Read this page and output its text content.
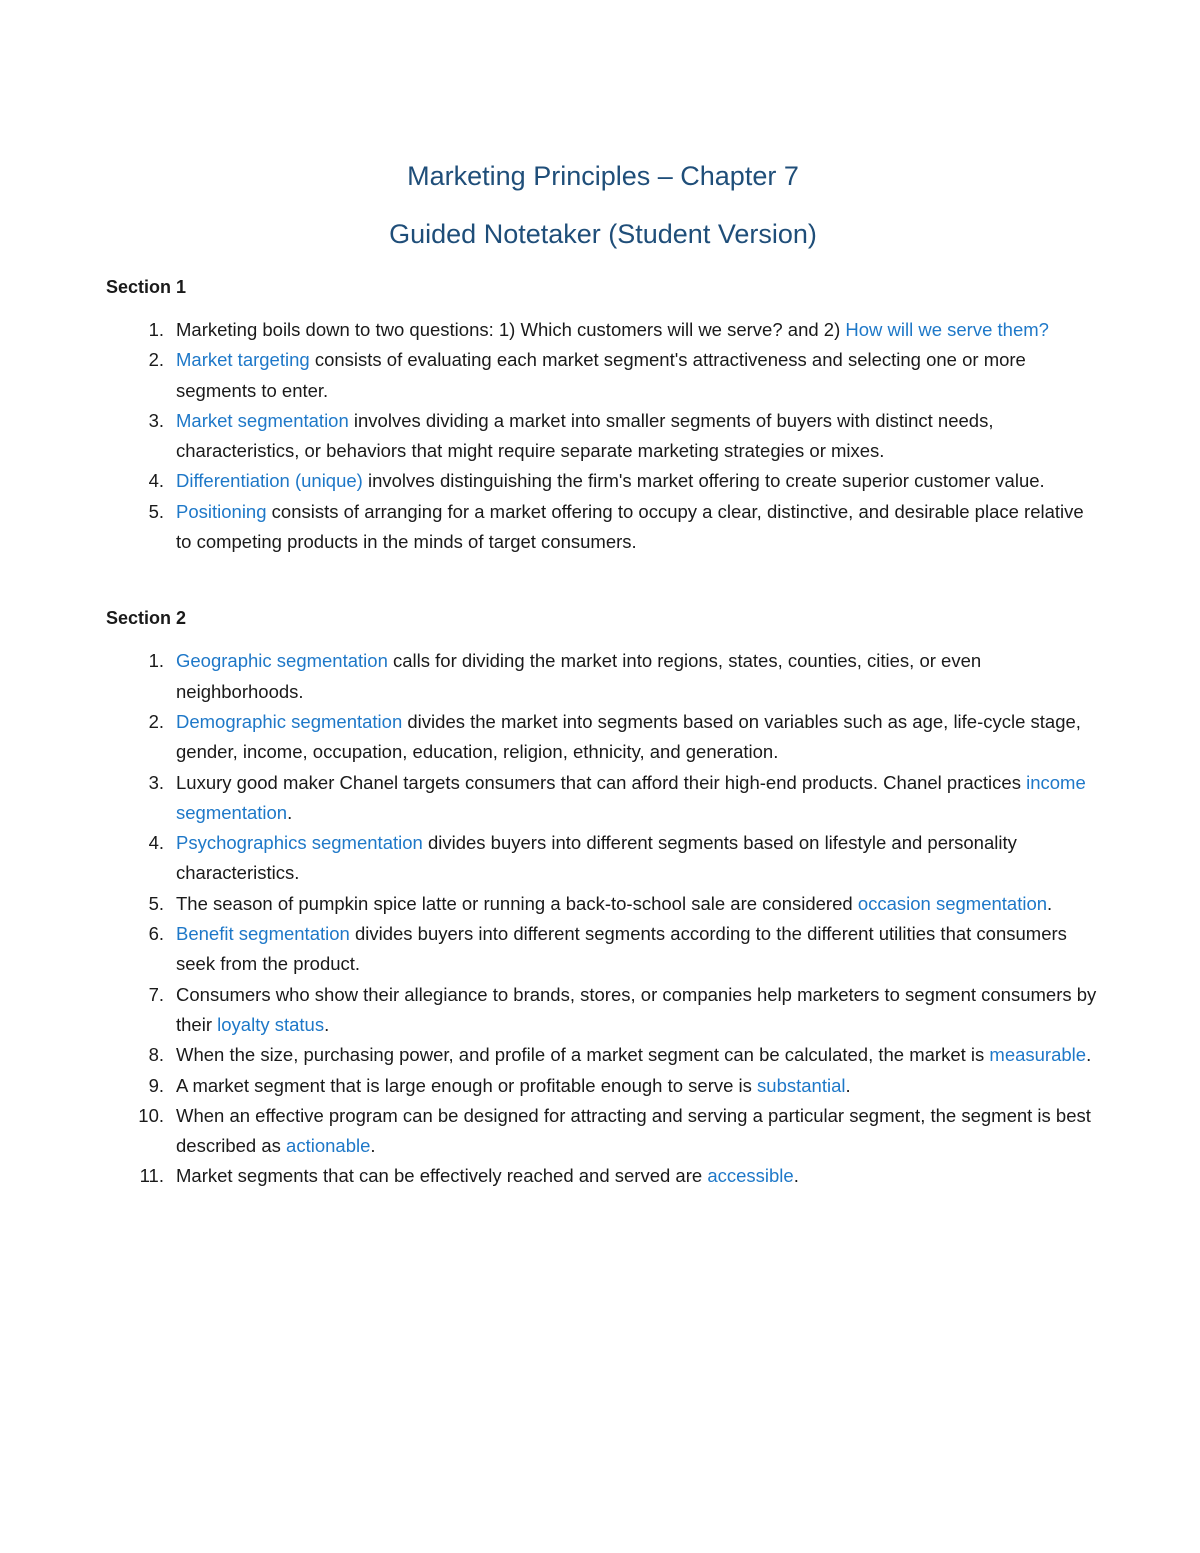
Marketing Principles – Chapter 7
Guided Notetaker (Student Version)
Section 1
1. Marketing boils down to two questions: 1) Which customers will we serve? and 2) How will we serve them?
2. Market targeting consists of evaluating each market segment's attractiveness and selecting one or more segments to enter.
3. Market segmentation involves dividing a market into smaller segments of buyers with distinct needs, characteristics, or behaviors that might require separate marketing strategies or mixes.
4. Differentiation (unique) involves distinguishing the firm's market offering to create superior customer value.
5. Positioning consists of arranging for a market offering to occupy a clear, distinctive, and desirable place relative to competing products in the minds of target consumers.
Section 2
1. Geographic segmentation calls for dividing the market into regions, states, counties, cities, or even neighborhoods.
2. Demographic segmentation divides the market into segments based on variables such as age, life-cycle stage, gender, income, occupation, education, religion, ethnicity, and generation.
3. Luxury good maker Chanel targets consumers that can afford their high-end products. Chanel practices income segmentation.
4. Psychographics segmentation divides buyers into different segments based on lifestyle and personality characteristics.
5. The season of pumpkin spice latte or running a back-to-school sale are considered occasion segmentation.
6. Benefit segmentation divides buyers into different segments according to the different utilities that consumers seek from the product.
7. Consumers who show their allegiance to brands, stores, or companies help marketers to segment consumers by their loyalty status.
8. When the size, purchasing power, and profile of a market segment can be calculated, the market is measurable.
9. A market segment that is large enough or profitable enough to serve is substantial.
10. When an effective program can be designed for attracting and serving a particular segment, the segment is best described as actionable.
11. Market segments that can be effectively reached and served are accessible.
